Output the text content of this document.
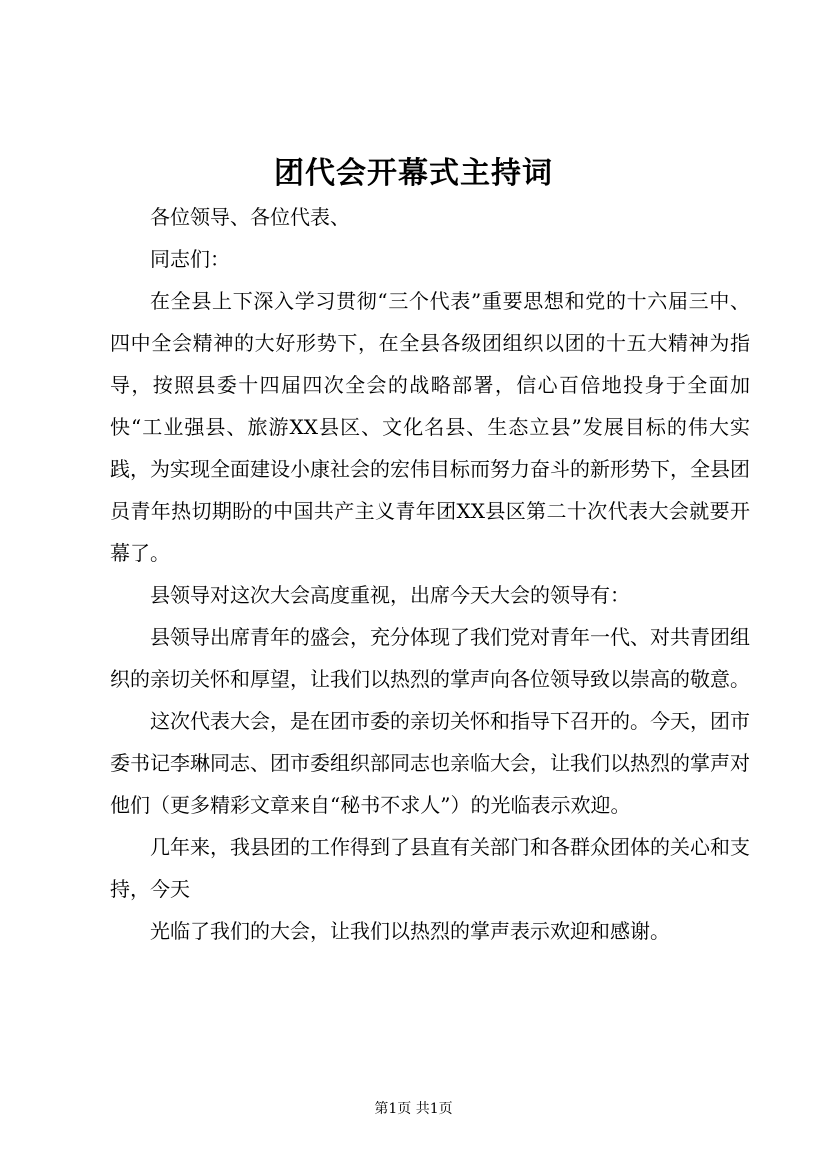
团代会开幕式主持词

各位领导、各位代表、

同志们：

在全县上下深入学习贯彻“三个代表”重要思想和党的十六届三中、四中全会精神的大好形势下，在全县各级团组织以团的十五大精神为指导，按照县委十四届四次全会的战略部署，信心百倍地投身于全面加快“工业强县、旅游XX县区、文化名县、生态立县”发展目标的伟大实践，为实现全面建设小康社会的宏伟目标而努力奋斗的新形势下，全县团员青年热切期盼的中国共产主义青年团XX县区第二十次代表大会就要开幕了。

县领导对这次大会高度重视，出席今天大会的领导有：

县领导出席青年的盛会，充分体现了我们党对青年一代、对共青团组织的亲切关怀和厚望，让我们以热烈的掌声向各位领导致以崇高的敬意。

这次代表大会，是在团市委的亲切关怀和指导下召开的。今天，团市委书记李琳同志、团市委组织部同志也亲临大会，让我们以热烈的掌声对他们（更多精彩文章来自“秘书不求人”）的光临表示欢迎。

几年来，我县团的工作得到了县直有关部门和各群众团体的关心和支持，今天

光临了我们的大会，让我们以热烈的掌声表示欢迎和感谢。

第1页 共1页
